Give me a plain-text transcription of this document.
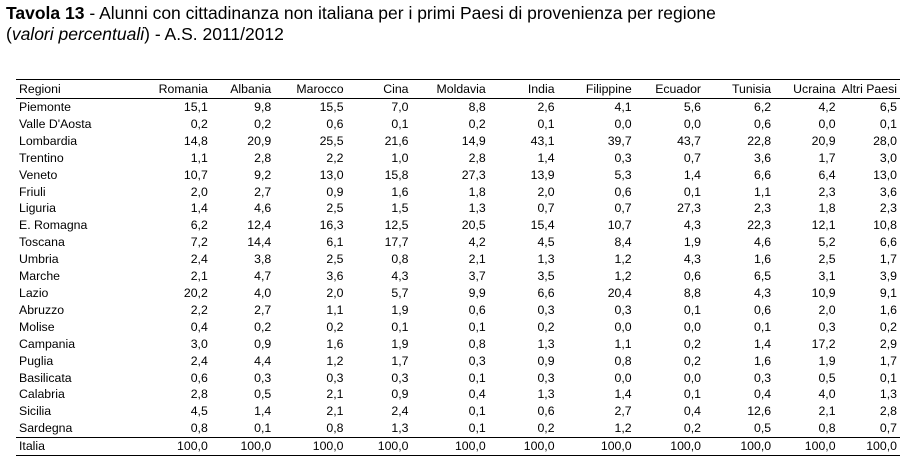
Tavola 13 - Alunni con cittadinanza non italiana per i primi Paesi di provenienza per regione
(valori percentuali) - A.S. 2011/2012
Regioni	Romania	Albania	Marocco	Cina	Moldavia	India	Filippine	Ecuador	Tunisia	Ucraina	Altri Paesi
Piemonte	15,1	9,8	15,5	7,0	8,8	2,6	4,1	5,6	6,2	4,2	6,5
Valle D'Aosta	0,2	0,2	0,6	0,1	0,2	0,1	0,0	0,0	0,6	0,0	0,1
Lombardia	14,8	20,9	25,5	21,6	14,9	43,1	39,7	43,7	22,8	20,9	28,0
Trentino	1,1	2,8	2,2	1,0	2,8	1,4	0,3	0,7	3,6	1,7	3,0
Veneto	10,7	9,2	13,0	15,8	27,3	13,9	5,3	1,4	6,6	6,4	13,0
Friuli	2,0	2,7	0,9	1,6	1,8	2,0	0,6	0,1	1,1	2,3	3,6
Liguria	1,4	4,6	2,5	1,5	1,3	0,7	0,7	27,3	2,3	1,8	2,3
E. Romagna	6,2	12,4	16,3	12,5	20,5	15,4	10,7	4,3	22,3	12,1	10,8
Toscana	7,2	14,4	6,1	17,7	4,2	4,5	8,4	1,9	4,6	5,2	6,6
Umbria	2,4	3,8	2,5	0,8	2,1	1,3	1,2	4,3	1,6	2,5	1,7
Marche	2,1	4,7	3,6	4,3	3,7	3,5	1,2	0,6	6,5	3,1	3,9
Lazio	20,2	4,0	2,0	5,7	9,9	6,6	20,4	8,8	4,3	10,9	9,1
Abruzzo	2,2	2,7	1,1	1,9	0,6	0,3	0,3	0,1	0,6	2,0	1,6
Molise	0,4	0,2	0,2	0,1	0,1	0,2	0,0	0,0	0,1	0,3	0,2
Campania	3,0	0,9	1,6	1,9	0,8	1,3	1,1	0,2	1,4	17,2	2,9
Puglia	2,4	4,4	1,2	1,7	0,3	0,9	0,8	0,2	1,6	1,9	1,7
Basilicata	0,6	0,3	0,3	0,3	0,1	0,3	0,0	0,0	0,3	0,5	0,1
Calabria	2,8	0,5	2,1	0,9	0,4	1,3	1,4	0,1	0,4	4,0	1,3
Sicilia	4,5	1,4	2,1	2,4	0,1	0,6	2,7	0,4	12,6	2,1	2,8
Sardegna	0,8	0,1	0,8	1,3	0,1	0,2	1,2	0,2	0,5	0,8	0,7
Italia	100,0	100,0	100,0	100,0	100,0	100,0	100,0	100,0	100,0	100,0	100,0
